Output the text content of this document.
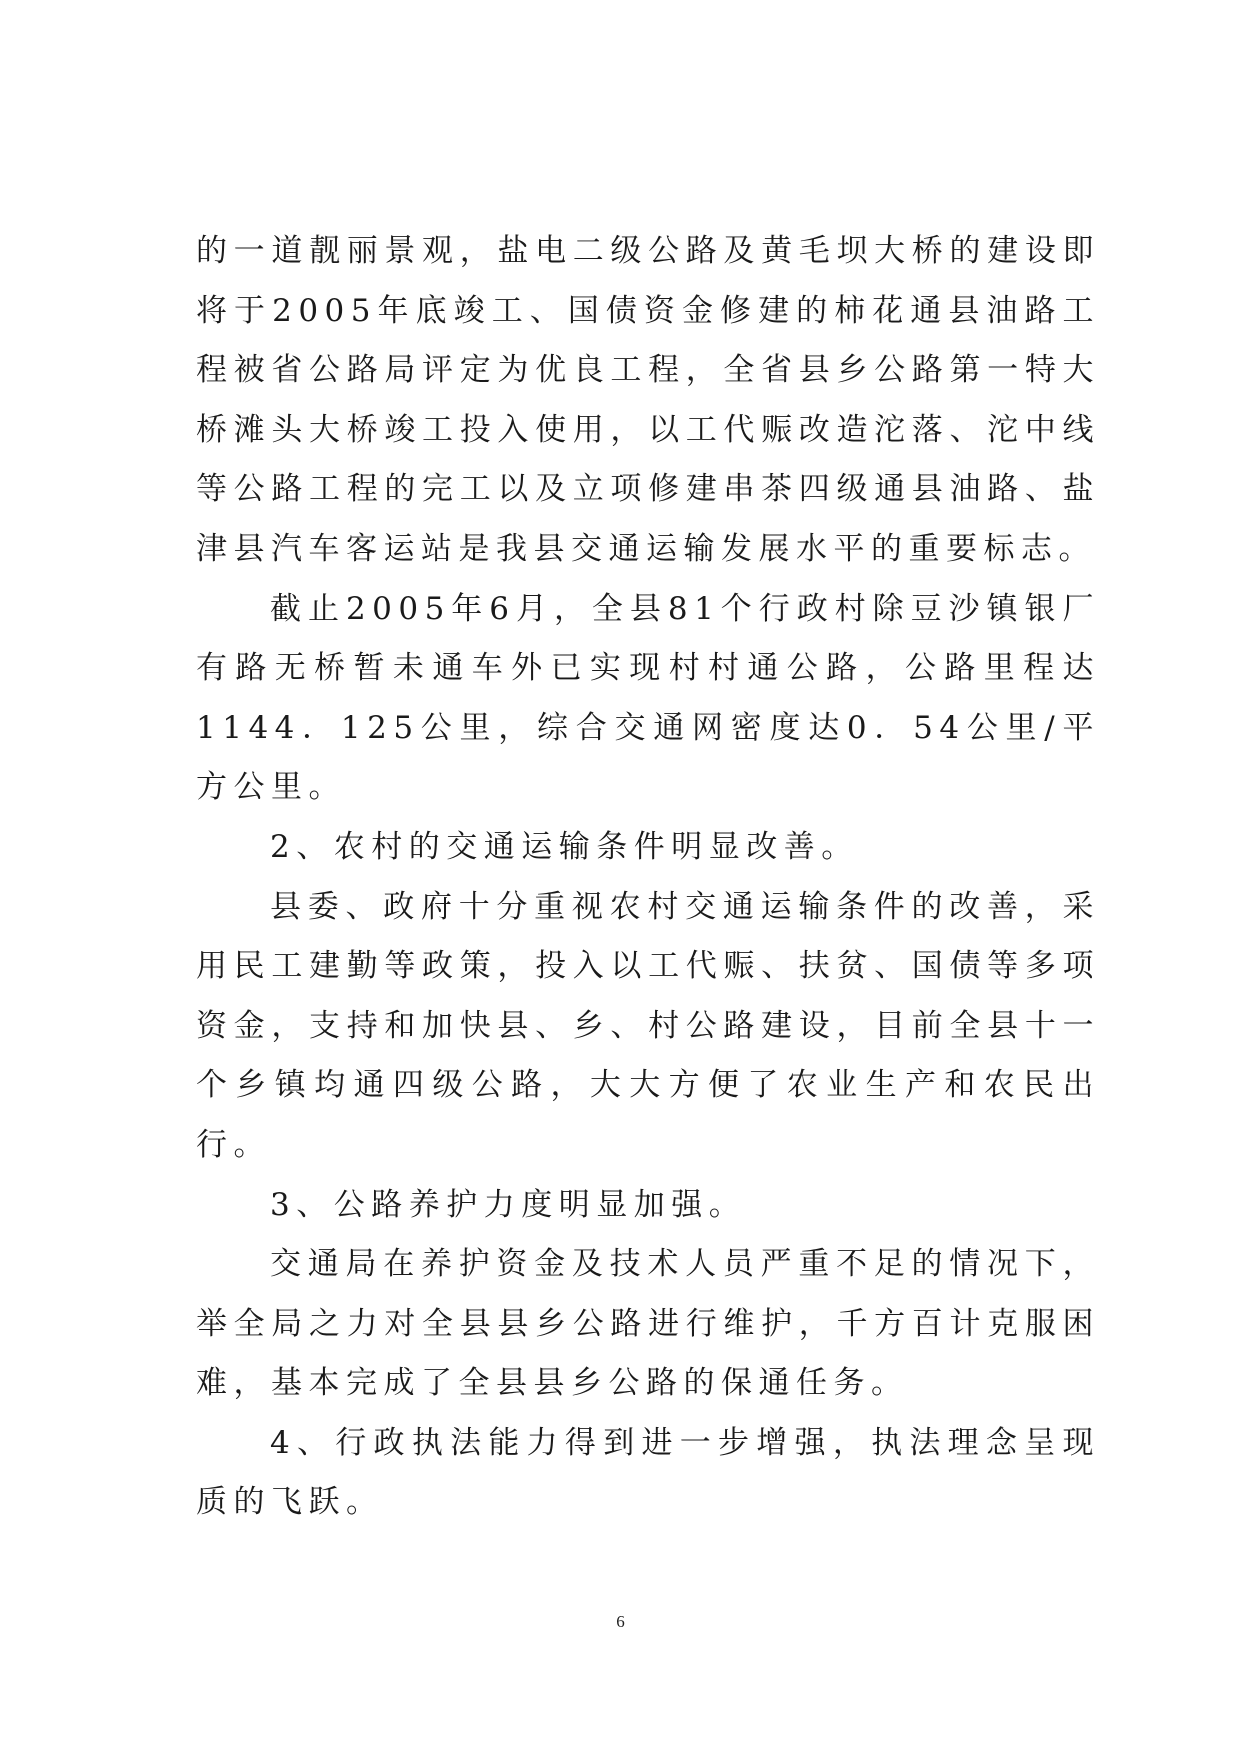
的一道靓丽景观，盐电二级公路及黄毛坝大桥的建设即将于2005年底竣工、国债资金修建的柿花通县油路工程被省公路局评定为优良工程，全省县乡公路第一特大桥滩头大桥竣工投入使用，以工代赈改造沱落、沱中线等公路工程的完工以及立项修建串茶四级通县油路、盐津县汽车客运站是我县交通运输发展水平的重要标志。

截止2005年6月，全县81个行政村除豆沙镇银厂有路无桥暂未通车外已实现村村通公路，公路里程达1144．125公里，综合交通网密度达0．54公里/平方公里。

2、农村的交通运输条件明显改善。

县委、政府十分重视农村交通运输条件的改善，采用民工建勤等政策，投入以工代赈、扶贫、国债等多项资金，支持和加快县、乡、村公路建设，目前全县十一个乡镇均通四级公路，大大方便了农业生产和农民出行。

3、公路养护力度明显加强。

交通局在养护资金及技术人员严重不足的情况下，举全局之力对全县县乡公路进行维护，千方百计克服困难，基本完成了全县县乡公路的保通任务。

4、行政执法能力得到进一步增强，执法理念呈现质的飞跃。

6
